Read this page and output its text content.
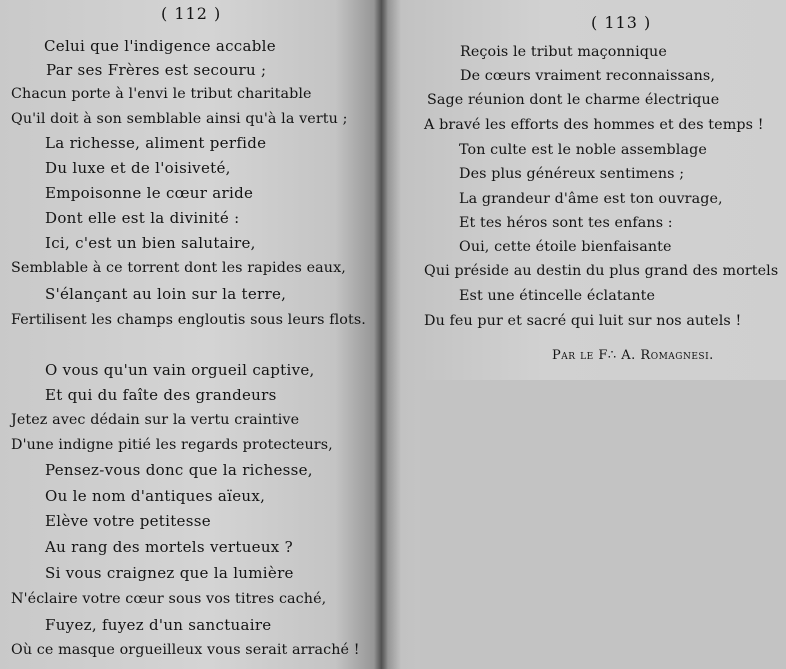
( 112 )	( 113 )
Celui que l'indigence accable
Par ses Frères est secouru ;
Chacun porte à l'envi le tribut charitable
Qu'il doit à son semblable ainsi qu'à la vertu ;
La richesse, aliment perfide
Du luxe et de l'oisiveté,
Empoisonne le cœur aride
Dont elle est la divinité :
Ici, c'est un bien salutaire,
Semblable à ce torrent dont les rapides eaux,
S'élançant au loin sur la terre,
Fertilisent les champs engloutis sous leurs flots.
O vous qu'un vain orgueil captive,
Et qui du faîte des grandeurs
Jetez avec dédain sur la vertu craintive
D'une indigne pitié les regards protecteurs,
Pensez-vous donc que la richesse,
Ou le nom d'antiques aïeux,
Elève votre petitesse
Au rang des mortels vertueux ?
Si vous craignez que la lumière
N'éclaire votre cœur sous vos titres caché,
Fuyez, fuyez d'un sanctuaire
Où ce masque orgueilleux vous serait arraché !
Reçois le tribut maçonnique
De cœurs vraiment reconnaissans,
Sage réunion dont le charme électrique
A bravé les efforts des hommes et des temps !
Ton culte est le noble assemblage
Des plus généreux sentimens ;
La grandeur d'âme est ton ouvrage,
Et tes héros sont tes enfans :
Oui, cette étoile bienfaisante
Qui préside au destin du plus grand des mortels
Est une étincelle éclatante
Du feu pur et sacré qui luit sur nos autels !
Par le F∴ A. Romagnesi.
